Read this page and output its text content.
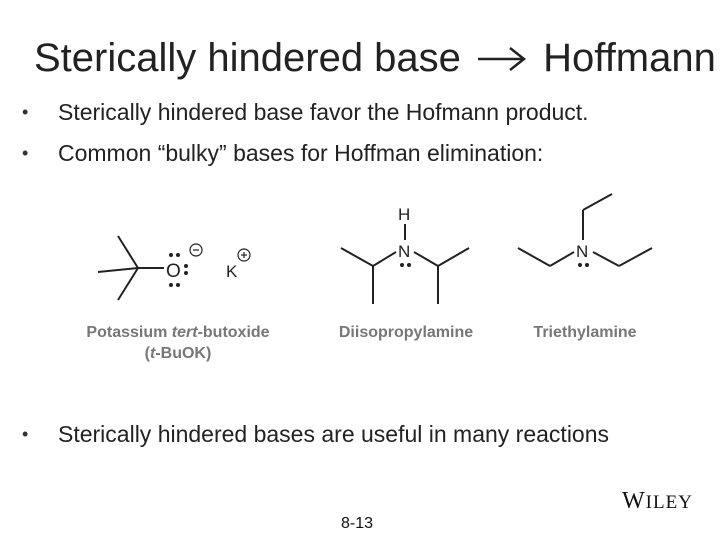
Sterically hindered base Hoffmann
• Sterically hindered base favor the Hofmann product.
• Common “bulky” bases for Hoffman elimination:
O	K
H
N	N
Potassium tert-butoxide
(t-BuOK)
Diisopropylamine	Triethylamine
• Sterically hindered bases are useful in many reactions
WILEY
8-13
